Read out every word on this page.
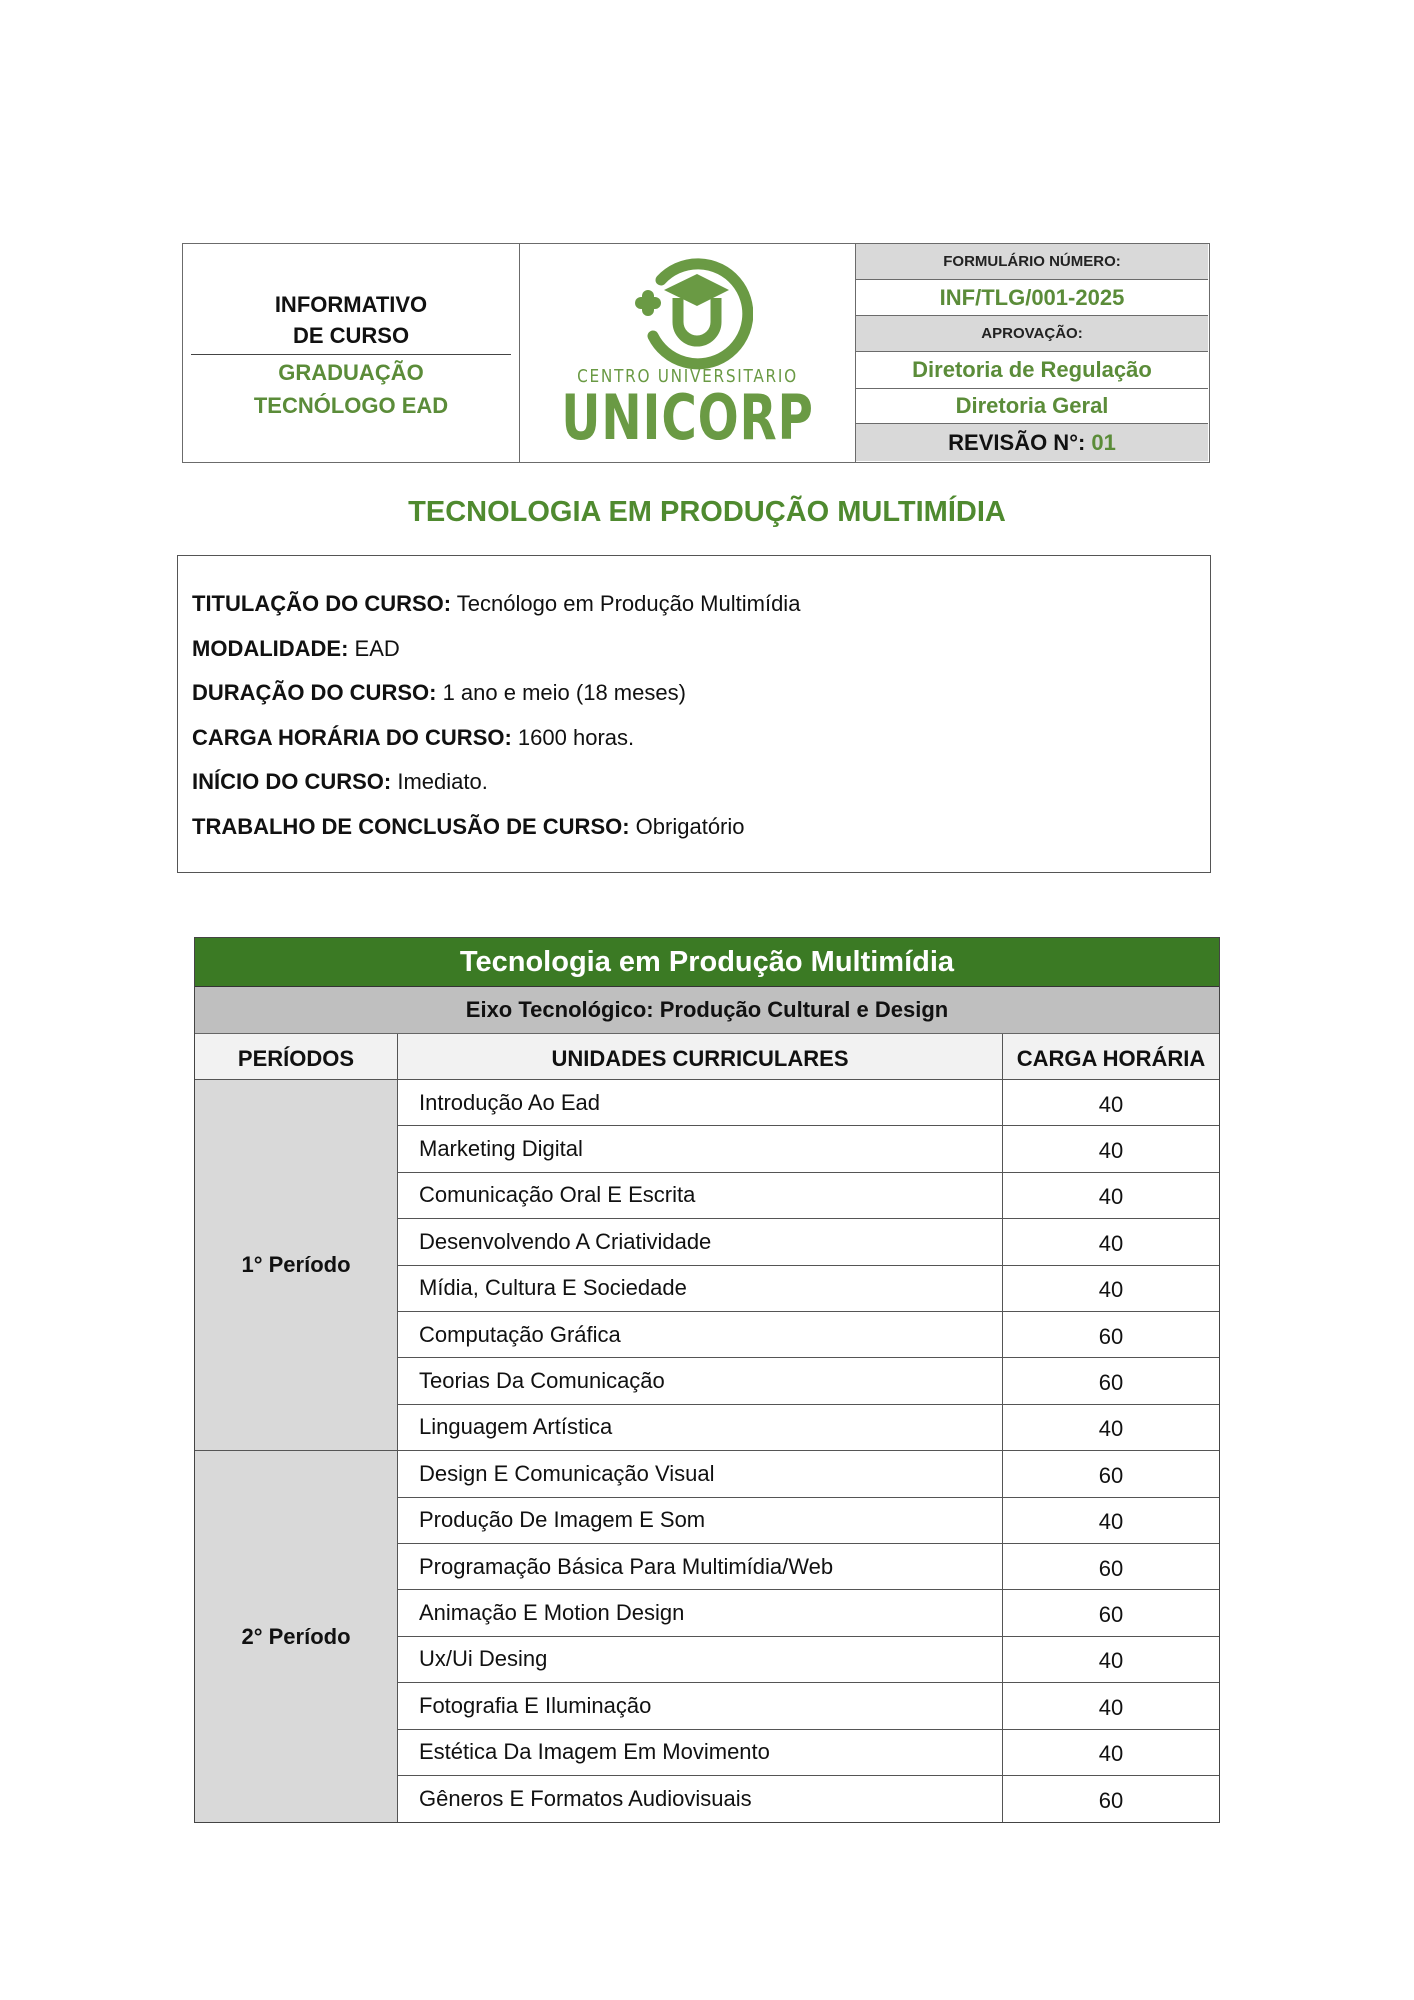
INFORMATIVO
DE CURSO
GRADUAÇÃO
TECNÓLOGO EAD
CENTRO UNIVERSITARIO
UNICORP
FORMULÁRIO NÚMERO:
INF/TLG/001-2025
APROVAÇÃO:
Diretoria de Regulação
Diretoria Geral
REVISÃO N°: 01
TECNOLOGIA EM PRODUÇÃO MULTIMÍDIA
TITULAÇÃO DO CURSO: Tecnólogo em Produção Multimídia
MODALIDADE: EAD
DURAÇÃO DO CURSO: 1 ano e meio (18 meses)
CARGA HORÁRIA DO CURSO: 1600 horas.
INÍCIO DO CURSO: Imediato.
TRABALHO DE CONCLUSÃO DE CURSO: Obrigatório
Tecnologia em Produção Multimídia
Eixo Tecnológico: Produção Cultural e Design
PERÍODOS	UNIDADES CURRICULARES	CARGA HORÁRIA
1° Período
Introdução Ao Ead	40
Marketing Digital	40
Comunicação Oral E Escrita	40
Desenvolvendo A Criatividade	40
Mídia, Cultura E Sociedade	40
Computação Gráfica	60
Teorias Da Comunicação	60
Linguagem Artística	40
2° Período
Design E Comunicação Visual	60
Produção De Imagem E Som	40
Programação Básica Para Multimídia/Web	60
Animação E Motion Design	60
Ux/Ui Desing	40
Fotografia E Iluminação	40
Estética Da Imagem Em Movimento	40
Gêneros E Formatos Audiovisuais	60
